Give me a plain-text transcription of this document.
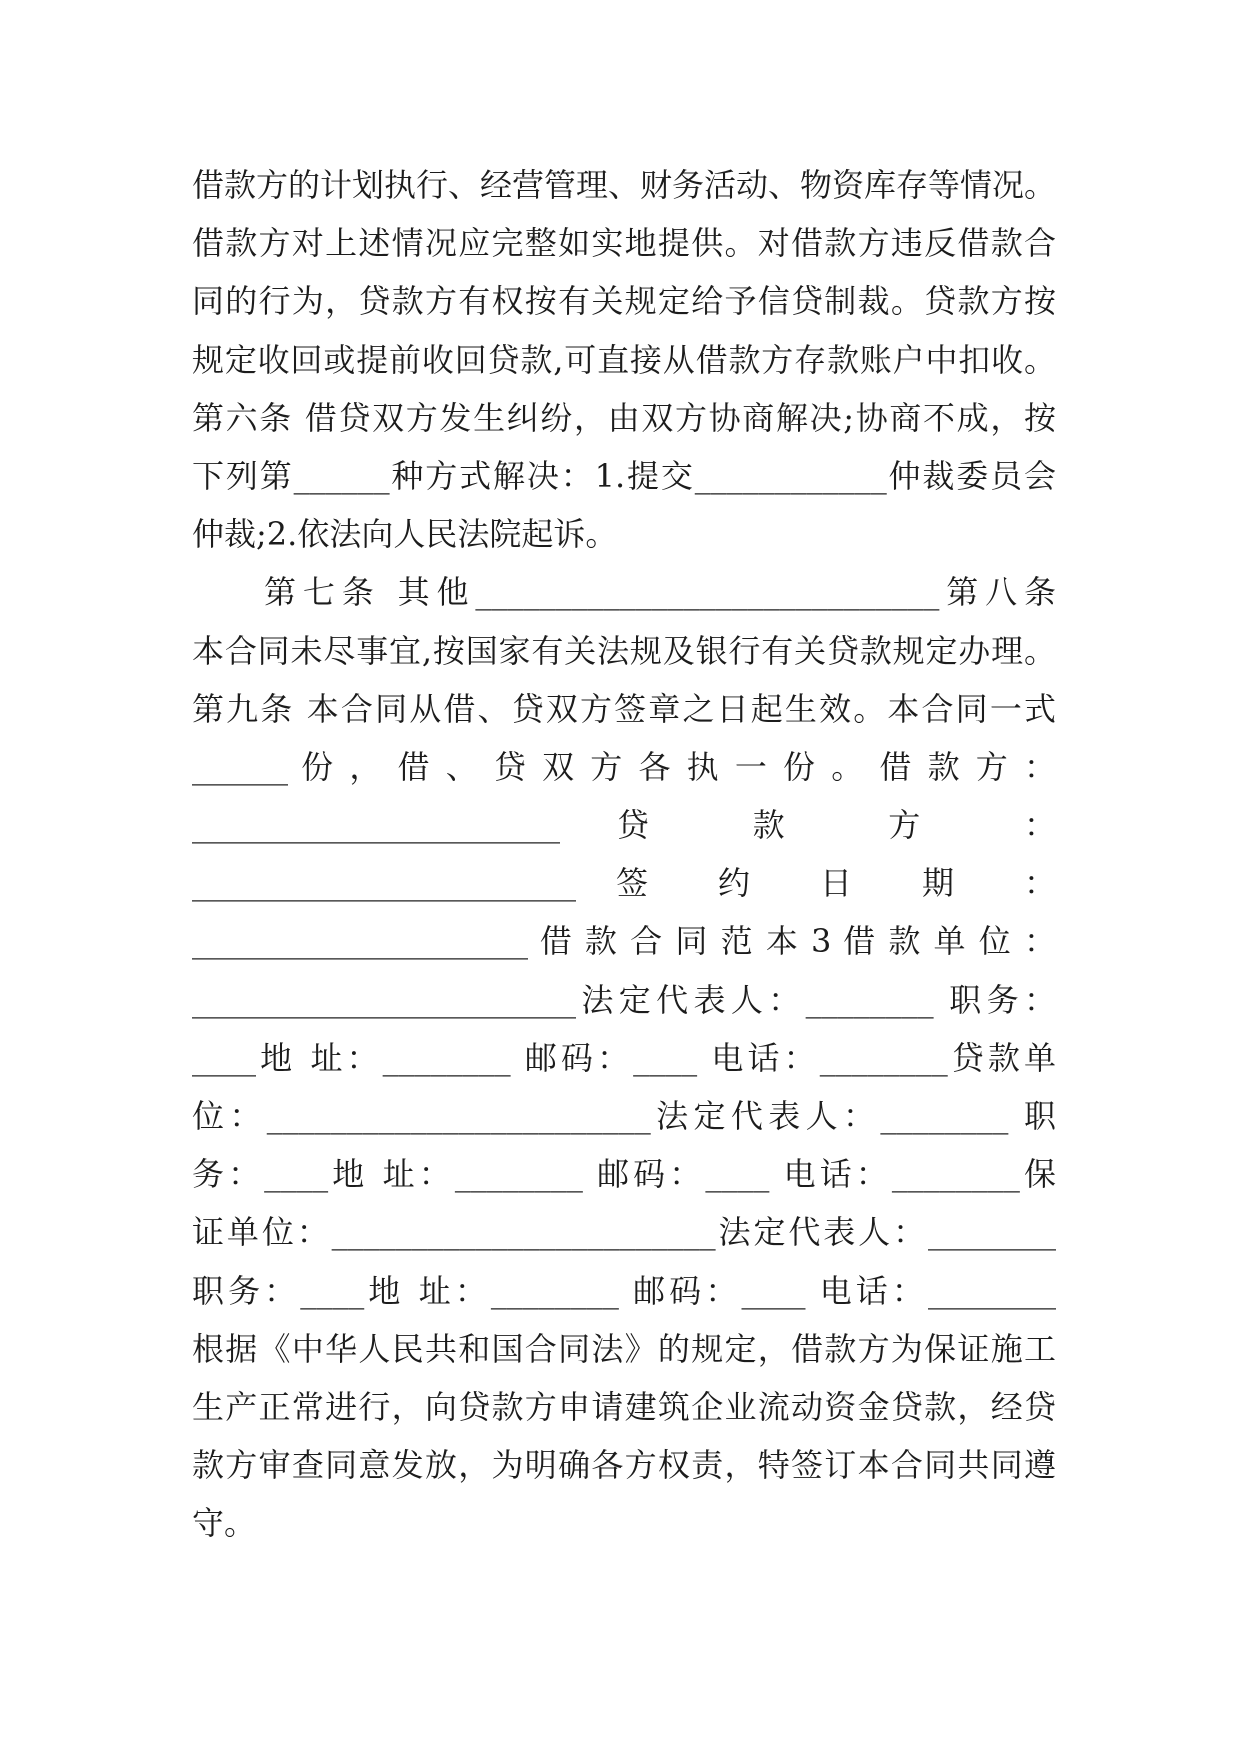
借款方的计划执行、经营管理、财务活动、物资库存等情况。
借款方对上述情况应完整如实地提供。对借款方违反借款合
同的行为，贷款方有权按有关规定给予信贷制裁。贷款方按
规定收回或提前收回贷款,可直接从借款方存款账户中扣收。
第六条 借贷双方发生纠纷，由双方协商解决;协商不成，按
下列第______种方式解决：1.提交____________仲裁委员会
仲裁;2.依法向人民法院起诉。
第七条 其他_____________________________第八条
本合同未尽事宜,按国家有关法规及银行有关贷款规定办理。
第九条 本合同从借、贷双方签章之日起生效。本合同一式
______ 份 ， 借 、 贷 双 方 各 执 一 份 。 借 款 方 ：
_______________________ 贷 款 方 ：
________________________ 签 约 日 期 ：
_____________________ 借 款 合 同 范 本 3 借 款 单 位 ：
________________________法定代表人：________ 职务：
____地 址：________ 邮码：____ 电话：________贷款单
位：________________________法定代表人：________ 职
务：____地 址：________ 邮码：____ 电话：________保
证单位：________________________法定代表人：________
职务：____地 址：________ 邮码：____ 电话：________
根据《中华人民共和国合同法》的规定，借款方为保证施工
生产正常进行，向贷款方申请建筑企业流动资金贷款，经贷
款方审查同意发放，为明确各方权责，特签订本合同共同遵
守。
